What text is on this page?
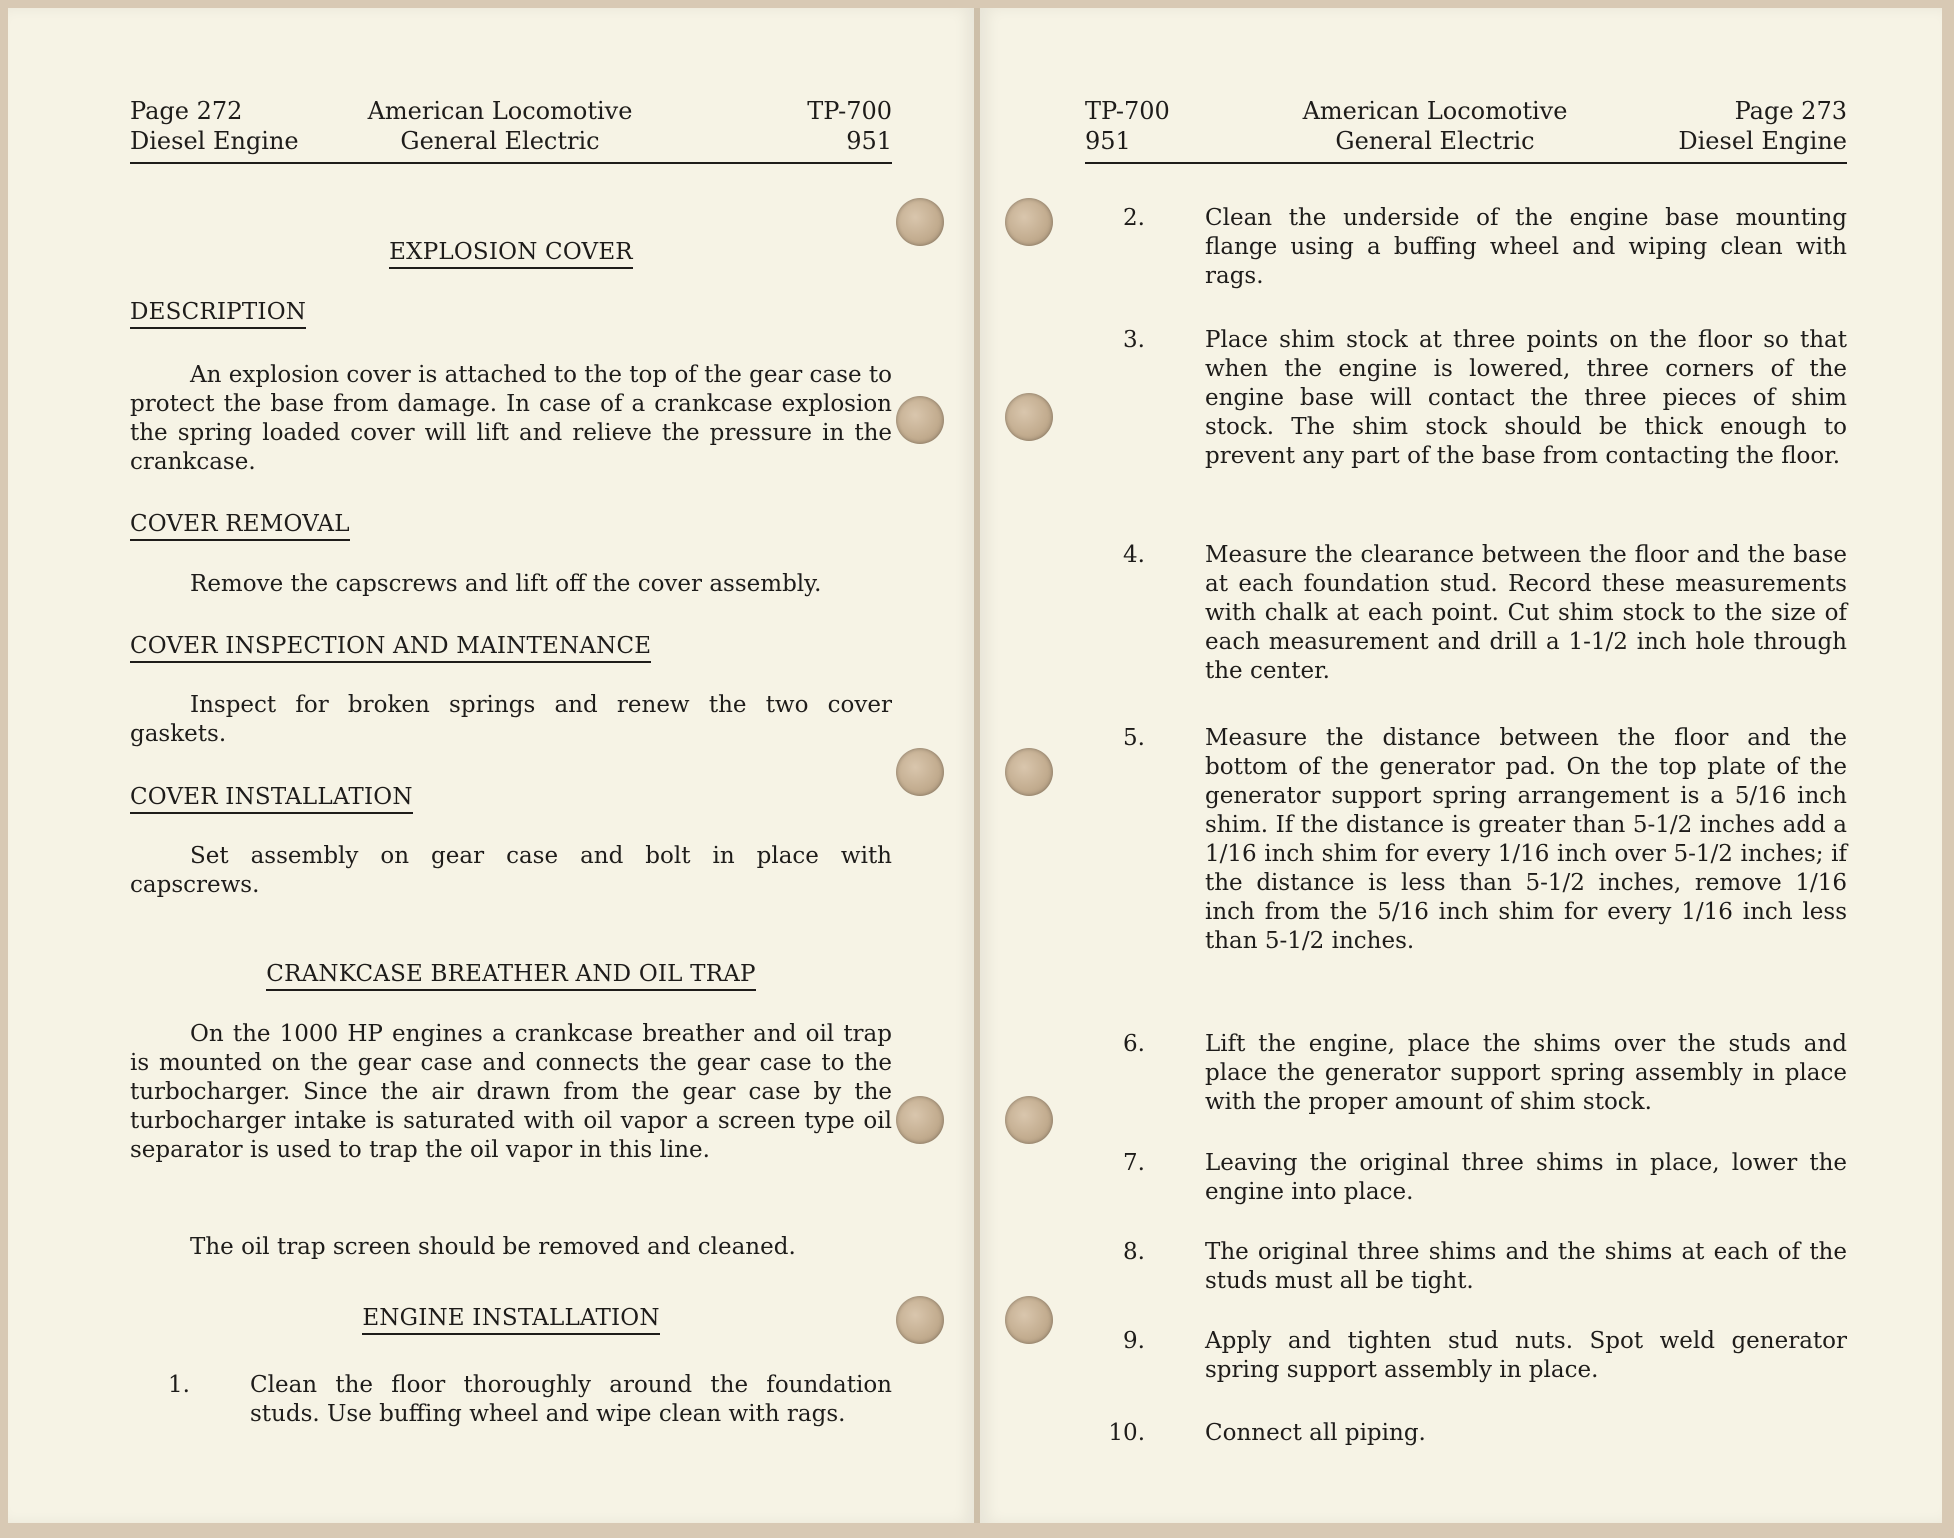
Page 272
Diesel Engine
American Locomotive
General Electric
TP-700
951
EXPLOSION COVER
DESCRIPTION

An explosion cover is attached to the top of the gear case to protect the base from damage. In case of a crankcase explosion the spring loaded cover will lift and relieve the pressure in the crankcase.

COVER REMOVAL

Remove the capscrews and lift off the cover assembly.

COVER INSPECTION AND MAINTENANCE

Inspect for broken springs and renew the two cover gaskets.

COVER INSTALLATION

Set assembly on gear case and bolt in place with capscrews.

CRANKCASE BREATHER AND OIL TRAP

On the 1000 HP engines a crankcase breather and oil trap is mounted on the gear case and connects the gear case to the turbocharger. Since the air drawn from the gear case by the turbocharger intake is saturated with oil vapor a screen type oil separator is used to trap the oil vapor in this line.

The oil trap screen should be removed and cleaned.

ENGINE INSTALLATION
1.	Clean the floor thoroughly around the foundation studs. Use buffing wheel and wipe clean with rags.

TP-700
951
American Locomotive
General Electric
Page 273
Diesel Engine
2.	Clean the underside of the engine base mounting flange using a buffing wheel and wiping clean with rags.

3.	Place shim stock at three points on the floor so that when the engine is lowered, three corners of the engine base will contact the three pieces of shim stock. The shim stock should be thick enough to prevent any part of the base from contacting the floor.

4.	Measure the clearance between the floor and the base at each foundation stud. Record these measurements with chalk at each point. Cut shim stock to the size of each measurement and drill a 1-1/2 inch hole through the center.

5.	Measure the distance between the floor and the bottom of the generator pad. On the top plate of the generator support spring arrangement is a 5/16 inch shim. If the distance is greater than 5-1/2 inches add a 1/16 inch shim for every 1/16 inch over 5-1/2 inches; if the distance is less than 5-1/2 inches, remove 1/16 inch from the 5/16 inch shim for every 1/16 inch less than 5-1/2 inches.

6.	Lift the engine, place the shims over the studs and place the generator support spring assembly in place with the proper amount of shim stock.

7.	Leaving the original three shims in place, lower the engine into place.

8.	The original three shims and the shims at each of the studs must all be tight.

9.	Apply and tighten stud nuts. Spot weld generator spring support assembly in place.

10.	Connect all piping.
